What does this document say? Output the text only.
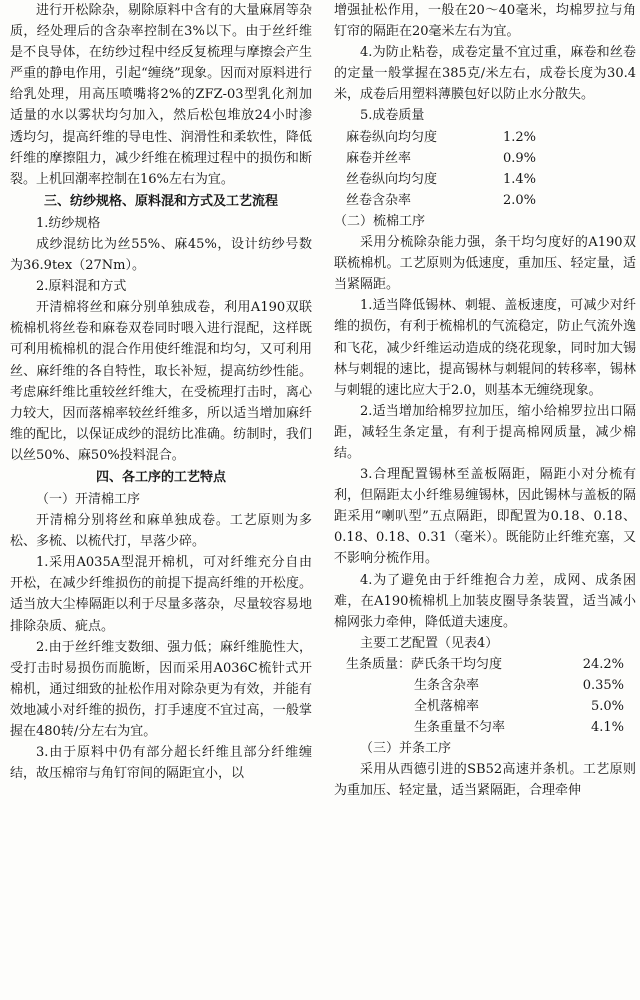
进行开松除杂，剔除原料中含有的大量麻屑等杂质，经处理后的含杂率控制在3%以下。由于丝纤维是不良导体，在纺纱过程中经反复梳理与摩擦会产生严重的静电作用，引起“缠绕”现象。因而对原料进行给乳处理，用高压喷嘴将2%的ZFZ-03型乳化剂加适量的水以雾状均匀加入，然后松包堆放24小时渗透均匀，提高纤维的导电性、润滑性和柔软性，降低纤维的摩擦阻力，减少纤维在梳理过程中的损伤和断裂。上机回潮率控制在16%左右为宜。

三、纺纱规格、原料混和方式及工艺流程

1.纺纱规格

成纱混纺比为丝55%、麻45%，设计纺纱号数为36.9tex（27Nm）。

2.原料混和方式

开清棉将丝和麻分别单独成卷，利用A190双联梳棉机将丝卷和麻卷双卷同时喂入进行混配，这样既可利用梳棉机的混合作用使纤维混和均匀，又可利用丝、麻纤维的各自特性，取长补短，提高纺纱性能。考虑麻纤维比重较丝纤维大，在受梳理打击时，离心力较大，因而落棉率较丝纤维多，所以适当增加麻纤维的配比，以保证成纱的混纺比准确。纺制时，我们以丝50%、麻50%投料混合。

四、各工序的工艺特点

（一）开清棉工序

开清棉分别将丝和麻单独成卷。工艺原则为多松、多梳、以梳代打，早落少碎。

1.采用A035A型混开棉机，可对纤维充分自由开松，在减少纤维损伤的前提下提高纤维的开松度。适当放大尘棒隔距以利于尽量多落杂，尽量较容易地排除杂质、疵点。

2.由于丝纤维支数细、强力低；麻纤维脆性大，受打击时易损伤而脆断，因而采用A036C梳针式开棉机，通过细致的扯松作用对除杂更为有效，并能有效地减小对纤维的损伤，打手速度不宜过高，一般掌握在480转/分左右为宜。

3.由于原料中仍有部分超长纤维且部分纤维缠结，故压棉帘与角钉帘间的隔距宜小，以

增强扯松作用，一般在20～40毫米，均棉罗拉与角钉帘的隔距在20毫米左右为宜。

4.为防止粘卷，成卷定量不宜过重，麻卷和丝卷的定量一般掌握在385克/米左右，成卷长度为30.4米，成卷后用塑料薄膜包好以防止水分散失。

5.成卷质量

麻卷纵向均匀度	1.2%
麻卷并丝率	0.9%
丝卷纵向均匀度	1.4%
丝卷含杂率	2.0%

（二）梳棉工序

采用分梳除杂能力强，条干均匀度好的A190双联梳棉机。工艺原则为低速度，重加压、轻定量，适当紧隔距。

1.适当降低锡林、刺辊、盖板速度，可减少对纤维的损伤，有利于梳棉机的气流稳定，防止气流外逸和飞花，减少纤维运动造成的绕花现象，同时加大锡林与刺辊的速比，提高锡林与刺辊间的转移率，锡林与刺辊的速比应大于2.0，则基本无缠绕现象。

2.适当增加给棉罗拉加压，缩小给棉罗拉出口隔距，减轻生条定量，有利于提高棉网质量，减少棉结。

3.合理配置锡林至盖板隔距，隔距小对分梳有利，但隔距太小纤维易缠锡林，因此锡林与盖板的隔距采用“喇叭型”五点隔距，即配置为0.18、0.18、0.18、0.18、0.31（毫米）。既能防止纤维充塞，又不影响分梳作用。

4.为了避免由于纤维抱合力差，成网、成条困难，在A190梳棉机上加装皮圈导条装置，适当减小棉网张力牵伸，降低道夫速度。

主要工艺配置（见表4）

生条质量：萨氏条干均匀度	24.2%
生条含杂率	0.35%
全机落棉率	5.0%
生条重量不匀率	4.1%

（三）并条工序

采用从西德引进的SB52高速并条机。工艺原则为重加压、轻定量，适当紧隔距，合理牵伸
